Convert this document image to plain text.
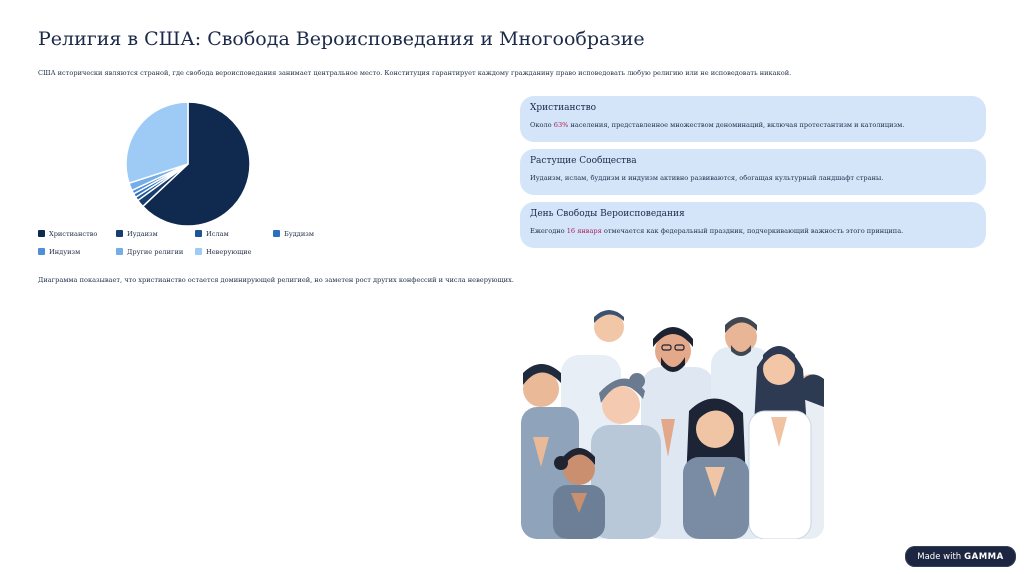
Религия в США: Свобода Вероисповедания и Многообразие
США исторически являются страной, где свобода вероисповедания занимает центральное место. Конституция гарантирует каждому гражданину право исповедовать любую религию или не исповедовать никакой.
Христианство	Иудаизм	Ислам	Буддизм
Индуизм	Другие религии	Неверующие
Диаграмма показывает, что христианство остается доминирующей религией, но заметен рост других конфессий и числа неверующих.
Христианство
Около 63% населения, представленное множеством деноминаций, включая протестантизм и католицизм.
Растущие Сообщества
Иудаизм, ислам, буддизм и индуизм активно развиваются, обогащая культурный ландшафт страны.
День Свободы Вероисповедания
Ежегодно 16 января отмечается как федеральный праздник, подчеркивающий важность этого принципа.
Made with GAMMA
